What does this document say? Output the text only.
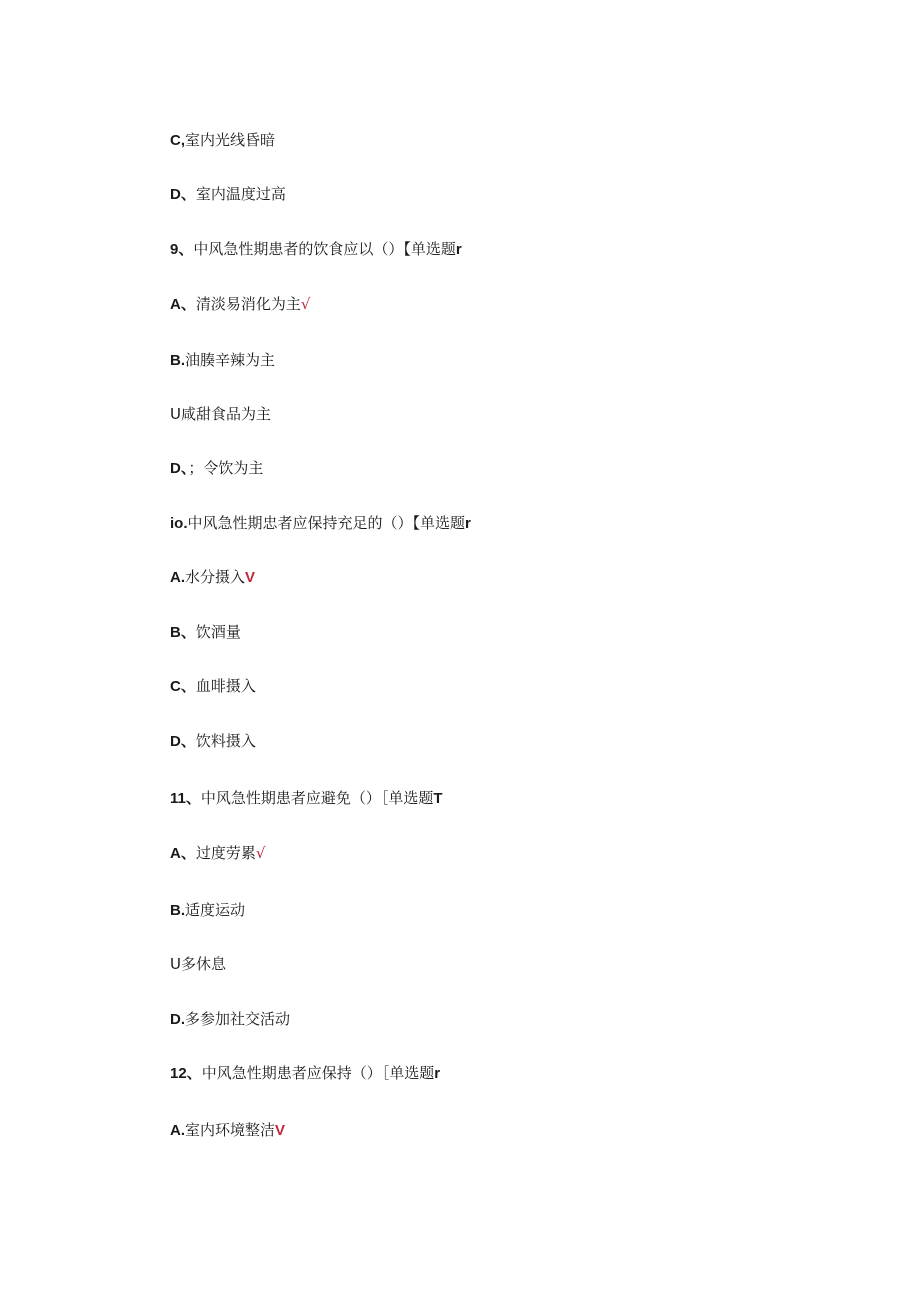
C,室内光线昏暗
D、室内温度过高
9、中风急性期患者的饮食应以（）【单选题r
A、清淡易消化为主√
B.油腠辛辣为主
U咸甜食品为主
D、；令饮为主
io.中风急性期忠者应保持充足的（）【单选题r
A.水分摄入V
B、饮酒量
C、血啡摄入
D、饮料摄入
11、中风急性期患者应避免（）［单选题T
A、过度劳累√
B.适度运动
U多休息
D.多参加社交活动
12、中风急性期患者应保持（）［单选题r
A.室内环境整洁V
